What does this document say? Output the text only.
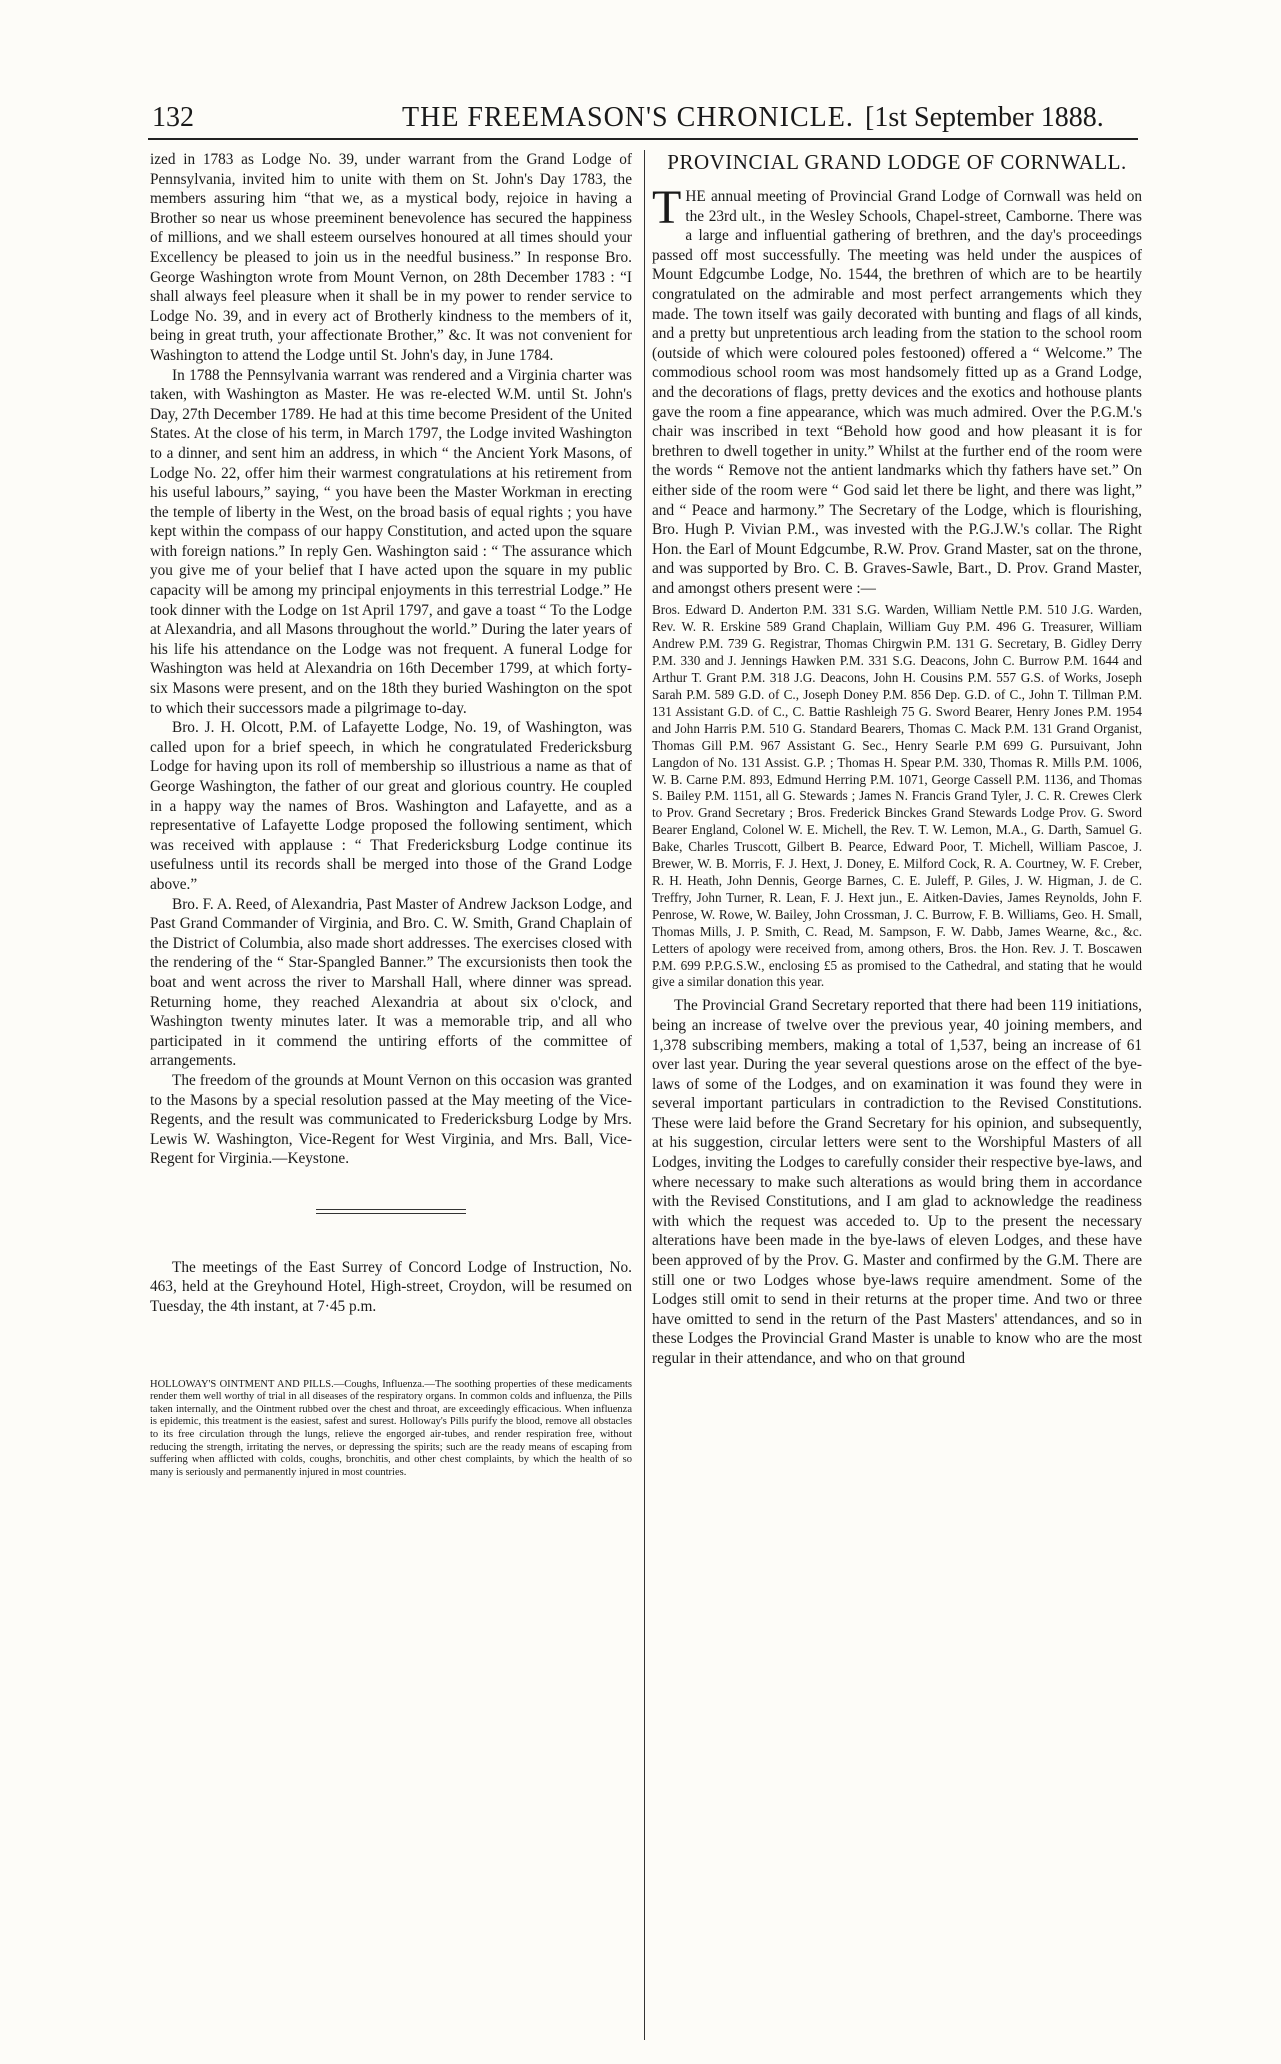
132	THE FREEMASON'S CHRONICLE. [1st September 1888.

ized in 1783 as Lodge No. 39, under warrant from the Grand Lodge of Pennsylvania, invited him to unite with them on St. John's Day 1783, the members assuring him “that we, as a mystical body, rejoice in having a Brother so near us whose preeminent benevolence has secured the happiness of millions, and we shall esteem ourselves honoured at all times should your Excellency be pleased to join us in the needful business.” In response Bro. George Washington wrote from Mount Vernon, on 28th December 1783 : “I shall always feel pleasure when it shall be in my power to render service to Lodge No. 39, and in every act of Brotherly kindness to the members of it, being in great truth, your affectionate Brother,” &c. It was not convenient for Washington to attend the Lodge until St. John's day, in June 1784.

In 1788 the Pennsylvania warrant was rendered and a Virginia charter was taken, with Washington as Master. He was re-elected W.M. until St. John's Day, 27th December 1789. He had at this time become President of the United States. At the close of his term, in March 1797, the Lodge invited Washington to a dinner, and sent him an address, in which “ the Ancient York Masons, of Lodge No. 22, offer him their warmest congratulations at his retirement from his useful labours,” saying, “ you have been the Master Workman in erecting the temple of liberty in the West, on the broad basis of equal rights ; you have kept within the compass of our happy Constitution, and acted upon the square with foreign nations.” In reply Gen. Washington said : “ The assurance which you give me of your belief that I have acted upon the square in my public capacity will be among my principal enjoyments in this terrestrial Lodge.” He took dinner with the Lodge on 1st April 1797, and gave a toast “ To the Lodge at Alexandria, and all Masons throughout the world.” During the later years of his life his attendance on the Lodge was not frequent. A funeral Lodge for Washington was held at Alexandria on 16th December 1799, at which forty-six Masons were present, and on the 18th they buried Washington on the spot to which their successors made a pilgrimage to-day.

Bro. J. H. Olcott, P.M. of Lafayette Lodge, No. 19, of Washington, was called upon for a brief speech, in which he congratulated Fredericksburg Lodge for having upon its roll of membership so illustrious a name as that of George Washington, the father of our great and glorious country. He coupled in a happy way the names of Bros. Washington and Lafayette, and as a representative of Lafayette Lodge proposed the following sentiment, which was received with applause : “ That Fredericksburg Lodge continue its usefulness until its records shall be merged into those of the Grand Lodge above.”

Bro. F. A. Reed, of Alexandria, Past Master of Andrew Jackson Lodge, and Past Grand Commander of Virginia, and Bro. C. W. Smith, Grand Chaplain of the District of Columbia, also made short addresses. The exercises closed with the rendering of the “ Star-Spangled Banner.” The excursionists then took the boat and went across the river to Marshall Hall, where dinner was spread. Returning home, they reached Alexandria at about six o'clock, and Washington twenty minutes later. It was a memorable trip, and all who participated in it commend the untiring efforts of the committee of arrangements.

The freedom of the grounds at Mount Vernon on this occasion was granted to the Masons by a special resolution passed at the May meeting of the Vice-Regents, and the result was communicated to Fredericksburg Lodge by Mrs. Lewis W. Washington, Vice-Regent for West Virginia, and Mrs. Ball, Vice-Regent for Virginia.—Keystone.

The meetings of the East Surrey of Concord Lodge of Instruction, No. 463, held at the Greyhound Hotel, High-street, Croydon, will be resumed on Tuesday, the 4th instant, at 7·45 p.m.

HOLLOWAY'S OINTMENT AND PILLS.—Coughs, Influenza.—The soothing properties of these medicaments render them well worthy of trial in all diseases of the respiratory organs. In common colds and influenza, the Pills taken internally, and the Ointment rubbed over the chest and throat, are exceedingly efficacious. When influenza is epidemic, this treatment is the easiest, safest and surest. Holloway's Pills purify the blood, remove all obstacles to its free circulation through the lungs, relieve the engorged air-tubes, and render respiration free, without reducing the strength, irritating the nerves, or depressing the spirits; such are the ready means of escaping from suffering when afflicted with colds, coughs, bronchitis, and other chest complaints, by which the health of so many is seriously and permanently injured in most countries.

PROVINCIAL GRAND LODGE OF CORNWALL.

THE annual meeting of Provincial Grand Lodge of Cornwall was held on the 23rd ult., in the Wesley Schools, Chapel-street, Camborne. There was a large and influential gathering of brethren, and the day's proceedings passed off most successfully. The meeting was held under the auspices of Mount Edgcumbe Lodge, No. 1544, the brethren of which are to be heartily congratulated on the admirable and most perfect arrangements which they made. The town itself was gaily decorated with bunting and flags of all kinds, and a pretty but unpretentious arch leading from the station to the school room (outside of which were coloured poles festooned) offered a “ Welcome.” The commodious school room was most handsomely fitted up as a Grand Lodge, and the decorations of flags, pretty devices and the exotics and hothouse plants gave the room a fine appearance, which was much admired. Over the P.G.M.'s chair was inscribed in text “Behold how good and how pleasant it is for brethren to dwell together in unity.” Whilst at the further end of the room were the words “ Remove not the antient landmarks which thy fathers have set.” On either side of the room were “ God said let there be light, and there was light,” and “ Peace and harmony.” The Secretary of the Lodge, which is flourishing, Bro. Hugh P. Vivian P.M., was invested with the P.G.J.W.'s collar. The Right Hon. the Earl of Mount Edgcumbe, R.W. Prov. Grand Master, sat on the throne, and was supported by Bro. C. B. Graves-Sawle, Bart., D. Prov. Grand Master, and amongst others present were :—

Bros. Edward D. Anderton P.M. 331 S.G. Warden, William Nettle P.M. 510 J.G. Warden, Rev. W. R. Erskine 589 Grand Chaplain, William Guy P.M. 496 G. Treasurer, William Andrew P.M. 739 G. Registrar, Thomas Chirgwin P.M. 131 G. Secretary, B. Gidley Derry P.M. 330 and J. Jennings Hawken P.M. 331 S.G. Deacons, John C. Burrow P.M. 1644 and Arthur T. Grant P.M. 318 J.G. Deacons, John H. Cousins P.M. 557 G.S. of Works, Joseph Sarah P.M. 589 G.D. of C., Joseph Doney P.M. 856 Dep. G.D. of C., John T. Tillman P.M. 131 Assistant G.D. of C., C. Battie Rashleigh 75 G. Sword Bearer, Henry Jones P.M. 1954 and John Harris P.M. 510 G. Standard Bearers, Thomas C. Mack P.M. 131 Grand Organist, Thomas Gill P.M. 967 Assistant G. Sec., Henry Searle P.M 699 G. Pursuivant, John Langdon of No. 131 Assist. G.P. ; Thomas H. Spear P.M. 330, Thomas R. Mills P.M. 1006, W. B. Carne P.M. 893, Edmund Herring P.M. 1071, George Cassell P.M. 1136, and Thomas S. Bailey P.M. 1151, all G. Stewards ; James N. Francis Grand Tyler, J. C. R. Crewes Clerk to Prov. Grand Secretary ; Bros. Frederick Binckes Grand Stewards Lodge Prov. G. Sword Bearer England, Colonel W. E. Michell, the Rev. T. W. Lemon, M.A., G. Darth, Samuel G. Bake, Charles Truscott, Gilbert B. Pearce, Edward Poor, T. Michell, William Pascoe, J. Brewer, W. B. Morris, F. J. Hext, J. Doney, E. Milford Cock, R. A. Courtney, W. F. Creber, R. H. Heath, John Dennis, George Barnes, C. E. Juleff, P. Giles, J. W. Higman, J. de C. Treffry, John Turner, R. Lean, F. J. Hext jun., E. Aitken-Davies, James Reynolds, John F. Penrose, W. Rowe, W. Bailey, John Crossman, J. C. Burrow, F. B. Williams, Geo. H. Small, Thomas Mills, J. P. Smith, C. Read, M. Sampson, F. W. Dabb, James Wearne, &c., &c. Letters of apology were received from, among others, Bros. the Hon. Rev. J. T. Boscawen P.M. 699 P.P.G.S.W., enclosing £5 as promised to the Cathedral, and stating that he would give a similar donation this year.

The Provincial Grand Secretary reported that there had been 119 initiations, being an increase of twelve over the previous year, 40 joining members, and 1,378 subscribing members, making a total of 1,537, being an increase of 61 over last year. During the year several questions arose on the effect of the bye-laws of some of the Lodges, and on examination it was found they were in several important particulars in contradiction to the Revised Constitutions. These were laid before the Grand Secretary for his opinion, and subsequently, at his suggestion, circular letters were sent to the Worshipful Masters of all Lodges, inviting the Lodges to carefully consider their respective bye-laws, and where necessary to make such alterations as would bring them in accordance with the Revised Constitutions, and I am glad to acknowledge the readiness with which the request was acceded to. Up to the present the necessary alterations have been made in the bye-laws of eleven Lodges, and these have been approved of by the Prov. G. Master and confirmed by the G.M. There are still one or two Lodges whose bye-laws require amendment. Some of the Lodges still omit to send in their returns at the proper time. And two or three have omitted to send in the return of the Past Masters' attendances, and so in these Lodges the Provincial Grand Master is unable to know who are the most regular in their attendance, and who on that ground
